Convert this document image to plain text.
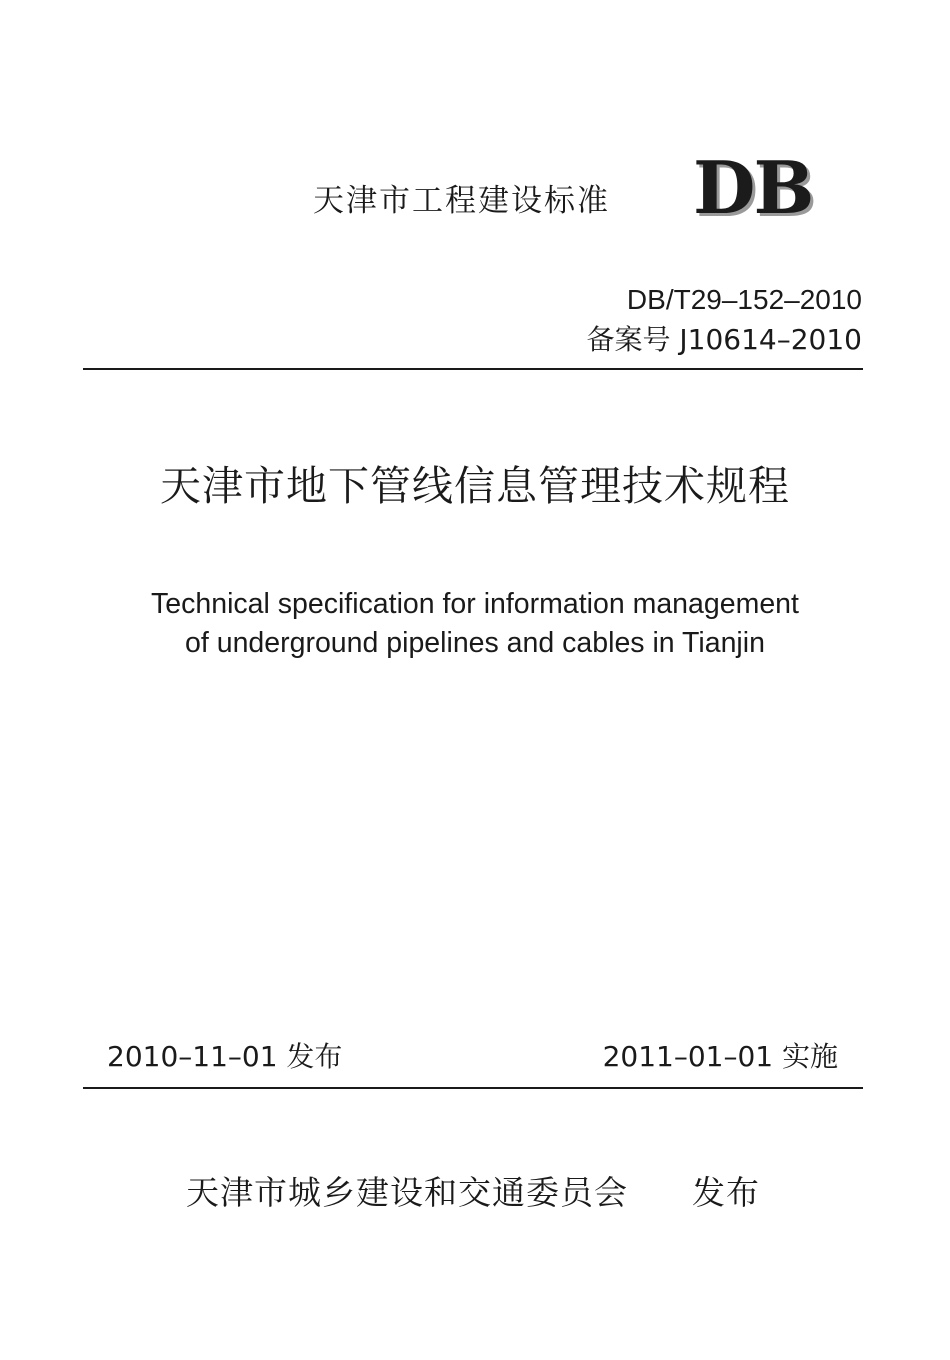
天津市工程建设标准 DB
DB/T29–152–2010
备案号 J10614–2010
天津市地下管线信息管理技术规程
Technical specification for information management
of underground pipelines and cables in Tianjin
2010–11–01 发布	2011–01–01 实施
天津市城乡建设和交通委员会 发布
